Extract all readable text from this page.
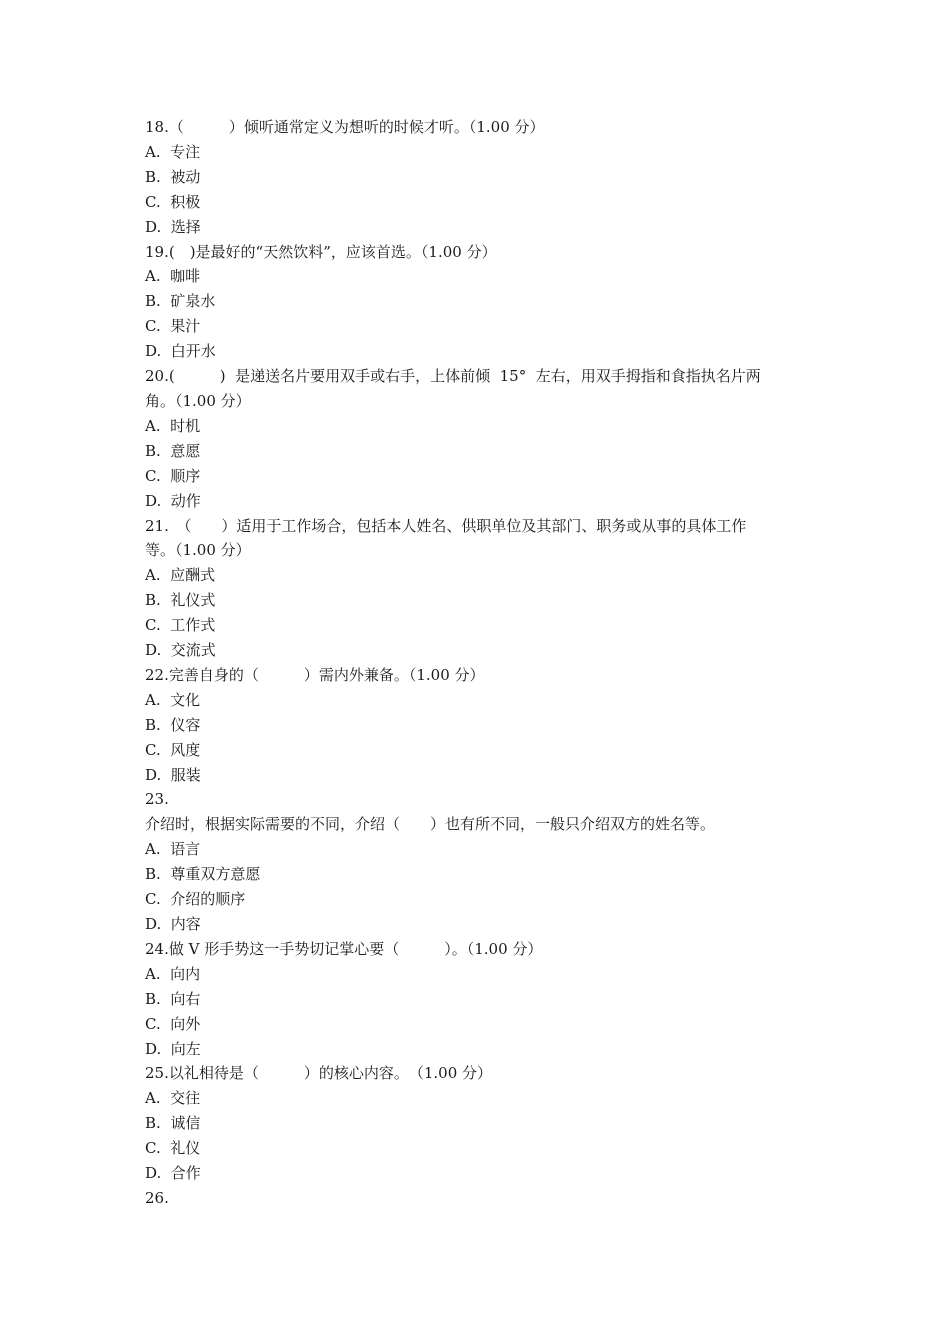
18.（　　　）倾听通常定义为想听的时候才听。（1.00 分）

A.  专注

B.  被动

C.  积极

D.  选择

19.(　)是最好的“天然饮料”，应该首选。（1.00 分）

A.  咖啡

B.  矿泉水

C.  果汁

D.  白开水

20.(　　　)  是递送名片要用双手或右手，上体前倾  15°  左右，用双手拇指和食指执名片两

角。（1.00 分）

A.  时机

B.  意愿

C.  顺序

D.  动作

21.　（　　）适用于工作场合，包括本人姓名、供职单位及其部门、职务或从事的具体工作

等。（1.00 分）

A.  应酬式

B.  礼仪式

C.  工作式

D.  交流式

22.完善自身的（　　　）需内外兼备。（1.00 分）

A.  文化

B.  仪容

C.  风度

D.  服装

23.

介绍时，根据实际需要的不同，介绍（　　）也有所不同，一般只介绍双方的姓名等。

A.  语言

B.  尊重双方意愿

C.  介绍的顺序

D.  内容

24.做 V 形手势这一手势切记掌心要（　　　）。（1.00 分）

A.  向内

B.  向右

C.  向外

D.  向左

25.以礼相待是（　　　）的核心内容。　（1.00 分）

A.  交往

B.  诚信

C.  礼仪

D.  合作

26.
